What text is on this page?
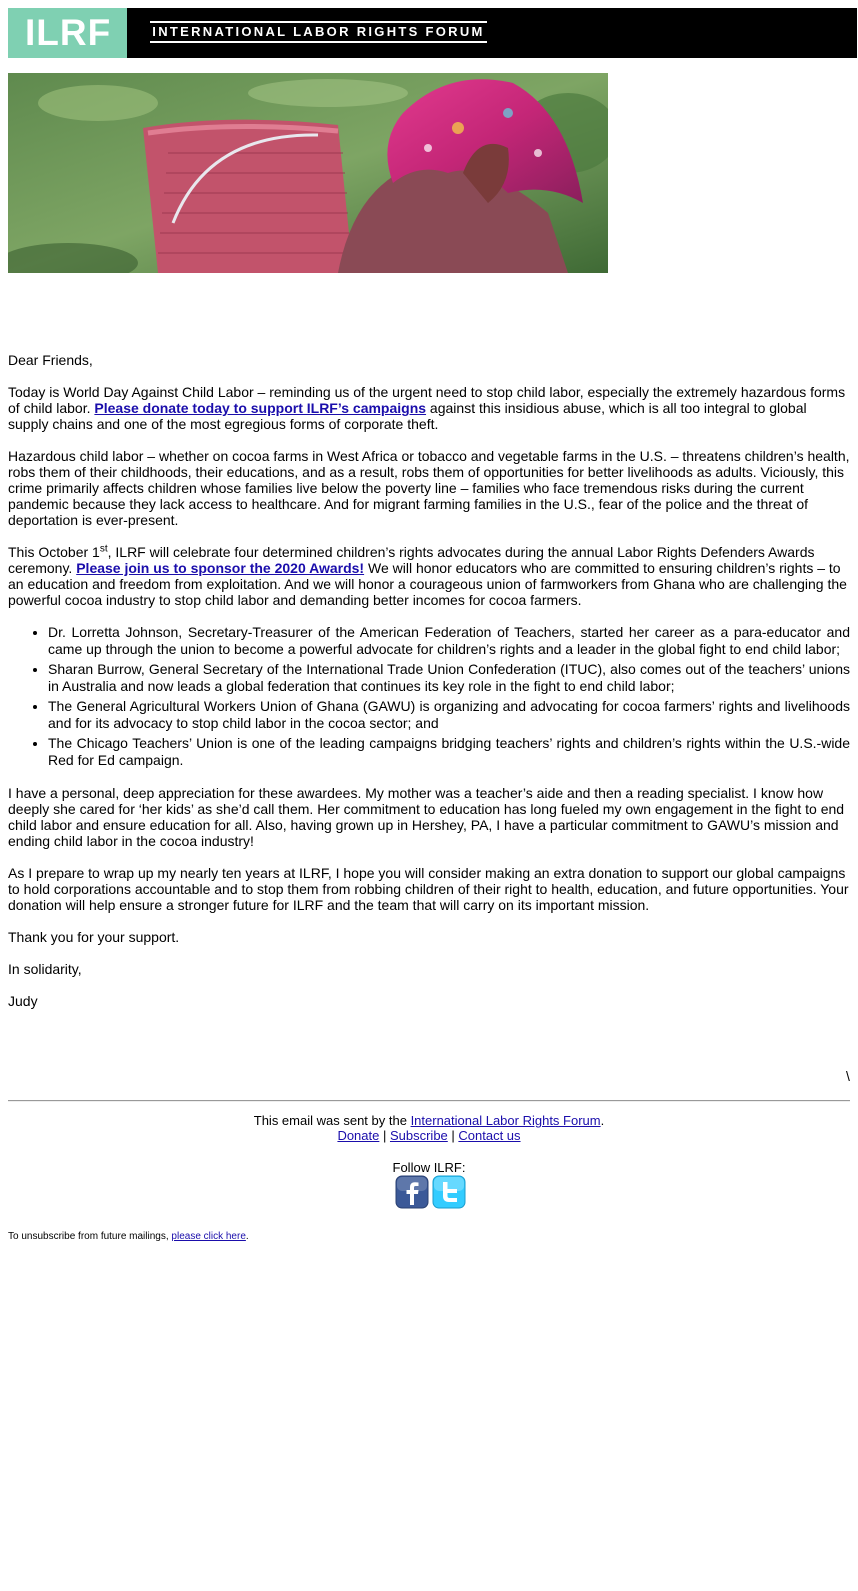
ILRF	INTERNATIONAL LABOR RIGHTS FORUM

Dear Friends,

Today is World Day Against Child Labor – reminding us of the urgent need to stop child labor, especially the extremely hazardous forms of child labor. Please donate today to support ILRF’s campaigns against this insidious abuse, which is all too integral to global supply chains and one of the most egregious forms of corporate theft.

Hazardous child labor – whether on cocoa farms in West Africa or tobacco and vegetable farms in the U.S. – threatens children’s health, robs them of their childhoods, their educations, and as a result, robs them of opportunities for better livelihoods as adults. Viciously, this crime primarily affects children whose families live below the poverty line – families who face tremendous risks during the current pandemic because they lack access to healthcare. And for migrant farming families in the U.S., fear of the police and the threat of deportation is ever-present.

This October 1st, ILRF will celebrate four determined children’s rights advocates during the annual Labor Rights Defenders Awards ceremony. Please join us to sponsor the 2020 Awards! We will honor educators who are committed to ensuring children’s rights – to an education and freedom from exploitation. And we will honor a courageous union of farmworkers from Ghana who are challenging the powerful cocoa industry to stop child labor and demanding better incomes for cocoa farmers.

• Dr. Lorretta Johnson, Secretary-Treasurer of the American Federation of Teachers, started her career as a para-educator and came up through the union to become a powerful advocate for children’s rights and a leader in the global fight to end child labor;
• Sharan Burrow, General Secretary of the International Trade Union Confederation (ITUC), also comes out of the teachers’ unions in Australia and now leads a global federation that continues its key role in the fight to end child labor;
• The General Agricultural Workers Union of Ghana (GAWU) is organizing and advocating for cocoa farmers’ rights and livelihoods and for its advocacy to stop child labor in the cocoa sector; and
• The Chicago Teachers’ Union is one of the leading campaigns bridging teachers’ rights and children’s rights within the U.S.-wide Red for Ed campaign.

I have a personal, deep appreciation for these awardees. My mother was a teacher’s aide and then a reading specialist. I know how deeply she cared for ‘her kids’ as she’d call them. Her commitment to education has long fueled my own engagement in the fight to end child labor and ensure education for all. Also, having grown up in Hershey, PA, I have a particular commitment to GAWU’s mission and ending child labor in the cocoa industry!

As I prepare to wrap up my nearly ten years at ILRF, I hope you will consider making an extra donation to support our global campaigns to hold corporations accountable and to stop them from robbing children of their right to health, education, and future opportunities. Your donation will help ensure a stronger future for ILRF and the team that will carry on its important mission.

Thank you for your support.

In solidarity,

Judy

\
This email was sent by the International Labor Rights Forum.
Donate | Subscribe | Contact us
Follow ILRF:
To unsubscribe from future mailings, please click here.
